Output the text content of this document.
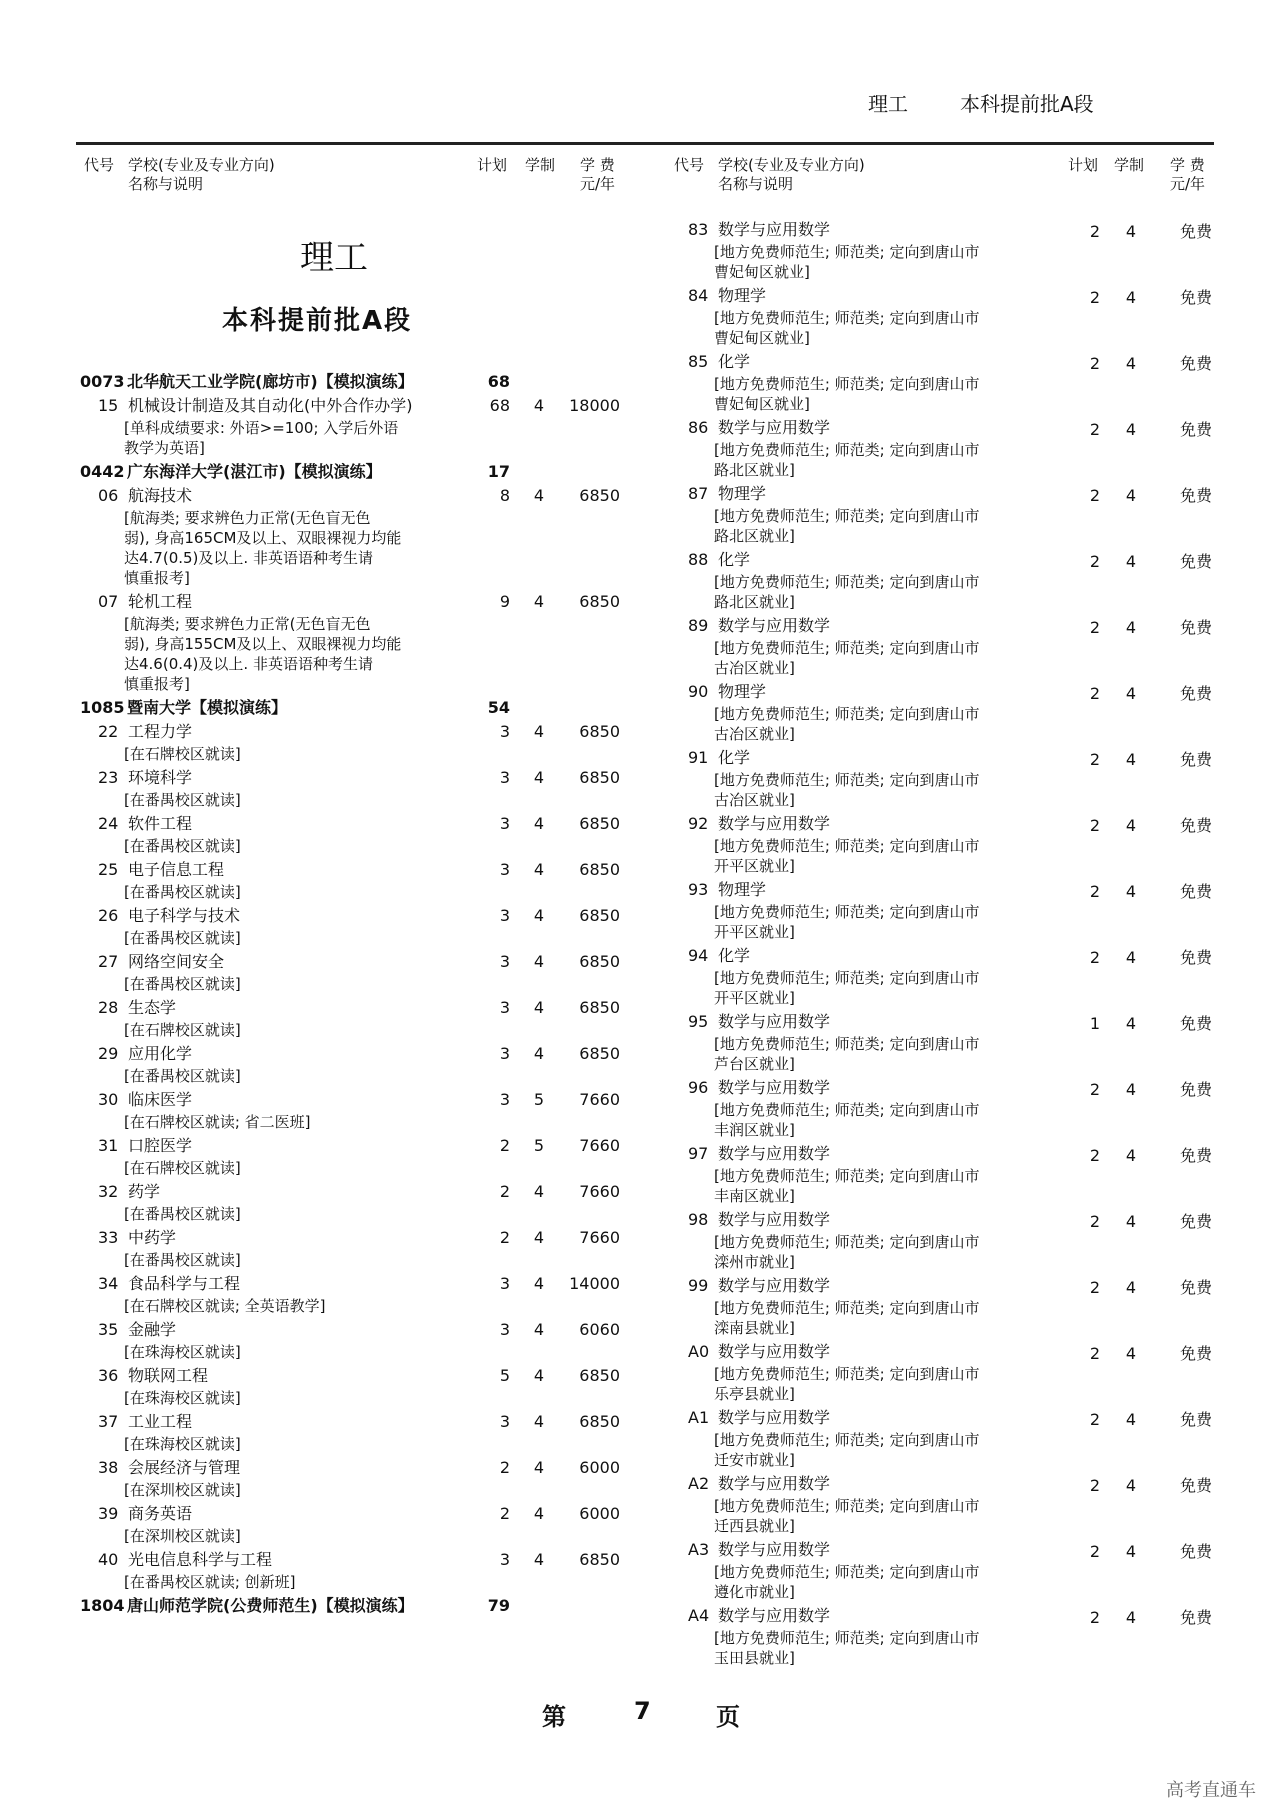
理工	本科提前批A段
代号 学校(专业及专业方向)
名称与说明
计划 学制 学 费
元/年
代号 学校(专业及专业方向)
名称与说明
计划 学制 学 费
元/年
理工
本科提前批A段
0073 北华航天工业学院(廊坊市)【模拟演练】	68
15 机械设计制造及其自动化(中外合作办学)	68	4	18000
[单科成绩要求: 外语>=100; 入学后外语
教学为英语]
0442 广东海洋大学(湛江市)【模拟演练】	17
06 航海技术	8	4	6850
[航海类; 要求辨色力正常(无色盲无色
弱), 身高165CM及以上、双眼裸视力均能
达4.7(0.5)及以上. 非英语语种考生请
慎重报考]
07 轮机工程	9	4	6850
[航海类; 要求辨色力正常(无色盲无色
弱), 身高155CM及以上、双眼裸视力均能
达4.6(0.4)及以上. 非英语语种考生请
慎重报考]
1085 暨南大学【模拟演练】	54
22 工程力学	3	4	6850
[在石牌校区就读]
23 环境科学	3	4	6850
[在番禺校区就读]
24 软件工程	3	4	6850
[在番禺校区就读]
25 电子信息工程	3	4	6850
[在番禺校区就读]
26 电子科学与技术	3	4	6850
[在番禺校区就读]
27 网络空间安全	3	4	6850
[在番禺校区就读]
28 生态学	3	4	6850
[在石牌校区就读]
29 应用化学	3	4	6850
[在番禺校区就读]
30 临床医学	3	5	7660
[在石牌校区就读; 省二医班]
31 口腔医学	2	5	7660
[在石牌校区就读]
32 药学	2	4	7660
[在番禺校区就读]
33 中药学	2	4	7660
[在番禺校区就读]
34 食品科学与工程	3	4	14000
[在石牌校区就读; 全英语教学]
35 金融学	3	4	6060
[在珠海校区就读]
36 物联网工程	5	4	6850
[在珠海校区就读]
37 工业工程	3	4	6850
[在珠海校区就读]
38 会展经济与管理	2	4	6000
[在深圳校区就读]
39 商务英语	2	4	6000
[在深圳校区就读]
40 光电信息科学与工程	3	4	6850
[在番禺校区就读; 创新班]
1804 唐山师范学院(公费师范生)【模拟演练】	79
83 数学与应用数学	2	4	免费
[地方免费师范生; 师范类; 定向到唐山市
曹妃甸区就业]
84 物理学	2	4	免费
[地方免费师范生; 师范类; 定向到唐山市
曹妃甸区就业]
85 化学	2	4	免费
[地方免费师范生; 师范类; 定向到唐山市
曹妃甸区就业]
86 数学与应用数学	2	4	免费
[地方免费师范生; 师范类; 定向到唐山市
路北区就业]
87 物理学	2	4	免费
[地方免费师范生; 师范类; 定向到唐山市
路北区就业]
88 化学	2	4	免费
[地方免费师范生; 师范类; 定向到唐山市
路北区就业]
89 数学与应用数学	2	4	免费
[地方免费师范生; 师范类; 定向到唐山市
古冶区就业]
90 物理学	2	4	免费
[地方免费师范生; 师范类; 定向到唐山市
古冶区就业]
91 化学	2	4	免费
[地方免费师范生; 师范类; 定向到唐山市
古冶区就业]
92 数学与应用数学	2	4	免费
[地方免费师范生; 师范类; 定向到唐山市
开平区就业]
93 物理学	2	4	免费
[地方免费师范生; 师范类; 定向到唐山市
开平区就业]
94 化学	2	4	免费
[地方免费师范生; 师范类; 定向到唐山市
开平区就业]
95 数学与应用数学	1	4	免费
[地方免费师范生; 师范类; 定向到唐山市
芦台区就业]
96 数学与应用数学	2	4	免费
[地方免费师范生; 师范类; 定向到唐山市
丰润区就业]
97 数学与应用数学	2	4	免费
[地方免费师范生; 师范类; 定向到唐山市
丰南区就业]
98 数学与应用数学	2	4	免费
[地方免费师范生; 师范类; 定向到唐山市
滦州市就业]
99 数学与应用数学	2	4	免费
[地方免费师范生; 师范类; 定向到唐山市
滦南县就业]
A0 数学与应用数学	2	4	免费
[地方免费师范生; 师范类; 定向到唐山市
乐亭县就业]
A1 数学与应用数学	2	4	免费
[地方免费师范生; 师范类; 定向到唐山市
迁安市就业]
A2 数学与应用数学	2	4	免费
[地方免费师范生; 师范类; 定向到唐山市
迁西县就业]
A3 数学与应用数学	2	4	免费
[地方免费师范生; 师范类; 定向到唐山市
遵化市就业]
A4 数学与应用数学	2	4	免费
[地方免费师范生; 师范类; 定向到唐山市
玉田县就业]
第	7	页
高考直通车
